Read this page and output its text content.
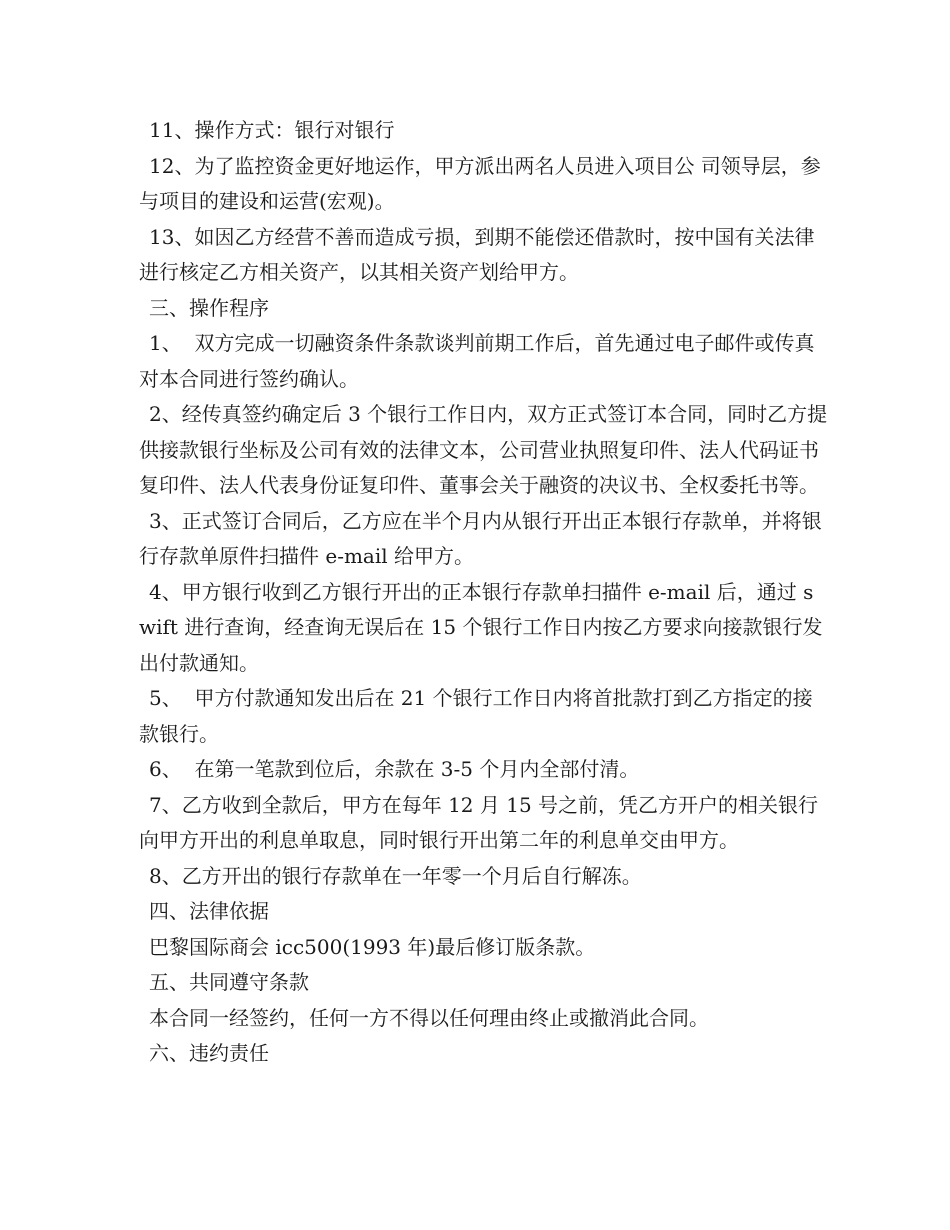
11、操作方式：银行对银行

12、为了监控资金更好地运作，甲方派出两名人员进入项目公 司领导层，参与项目的建设和运营(宏观)。

13、如因乙方经营不善而造成亏损，到期不能偿还借款时，按中国有关法律进行核定乙方相关资产，以其相关资产划给甲方。

三、操作程序

1、  双方完成一切融资条件条款谈判前期工作后，首先通过电子邮件或传真对本合同进行签约确认。

2、经传真签约确定后 3 个银行工作日内，双方正式签订本合同，同时乙方提供接款银行坐标及公司有效的法律文本，公司营业执照复印件、法人代码证书复印件、法人代表身份证复印件、董事会关于融资的决议书、全权委托书等。

3、正式签订合同后，乙方应在半个月内从银行开出正本银行存款单，并将银行存款单原件扫描件 e-mail 给甲方。

4、甲方银行收到乙方银行开出的正本银行存款单扫描件 e-mail 后，通过 swift 进行查询，经查询无误后在 15 个银行工作日内按乙方要求向接款银行发出付款通知。

5、  甲方付款通知发出后在 21 个银行工作日内将首批款打到乙方指定的接款银行。

6、  在第一笔款到位后，余款在 3-5 个月内全部付清。

7、乙方收到全款后，甲方在每年 12 月 15 号之前，凭乙方开户的相关银行向甲方开出的利息单取息，同时银行开出第二年的利息单交由甲方。

8、乙方开出的银行存款单在一年零一个月后自行解冻。

四、法律依据

巴黎国际商会 icc500(1993 年)最后修订版条款。

五、共同遵守条款

本合同一经签约，任何一方不得以任何理由终止或撤消此合同。

六、违约责任
